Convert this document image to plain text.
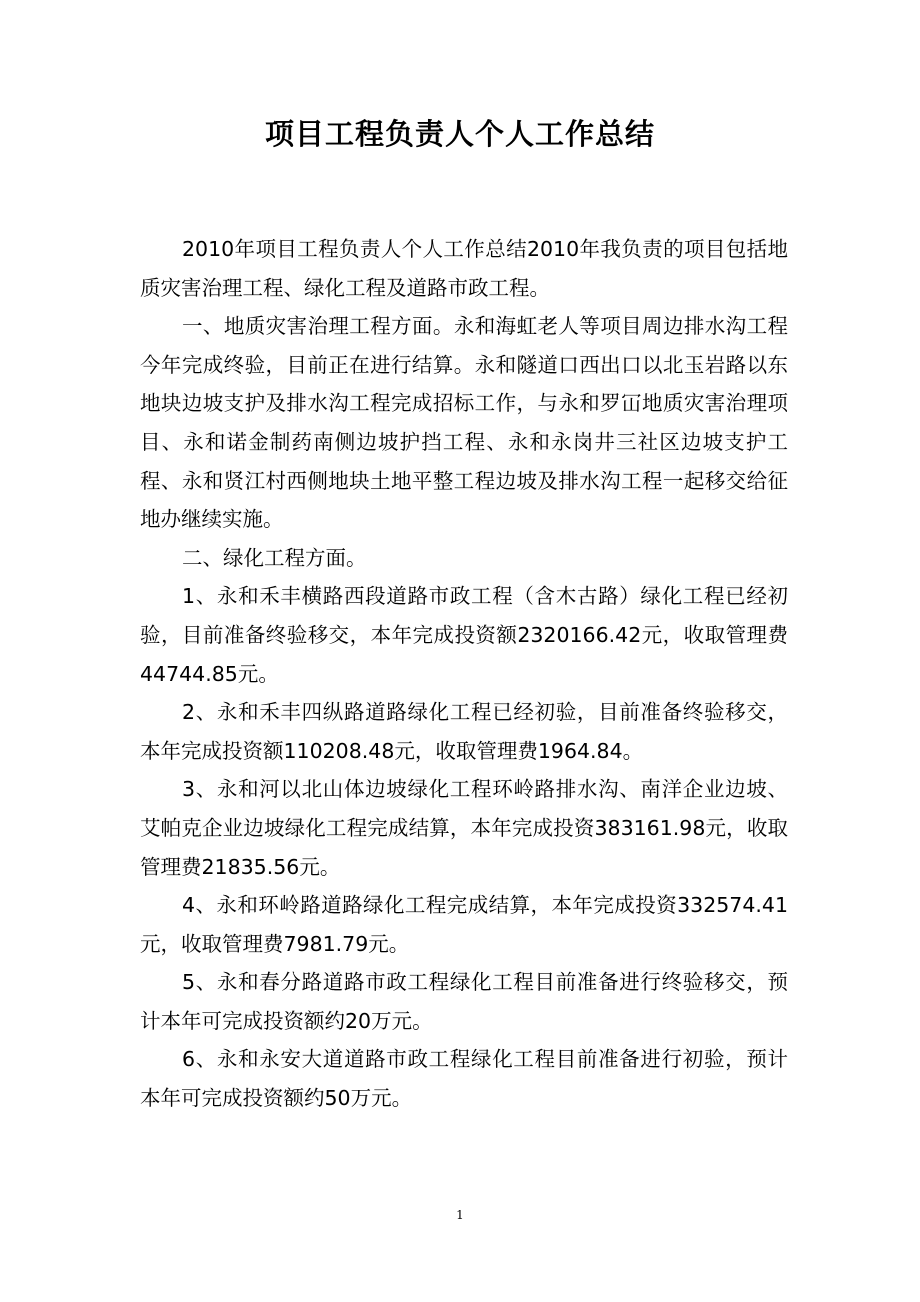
项目工程负责人个人工作总结

2010年项目工程负责人个人工作总结2010年我负责的项目包括地质灾害治理工程、绿化工程及道路市政工程。

一、地质灾害治理工程方面。永和海虹老人等项目周边排水沟工程今年完成终验，目前正在进行结算。永和隧道口西出口以北玉岩路以东地块边坡支护及排水沟工程完成招标工作，与永和罗冚地质灾害治理项目、永和诺金制药南侧边坡护挡工程、永和永岗井三社区边坡支护工程、永和贤江村西侧地块土地平整工程边坡及排水沟工程一起移交给征地办继续实施。

二、绿化工程方面。

1、永和禾丰横路西段道路市政工程（含木古路）绿化工程已经初验，目前准备终验移交，本年完成投资额2320166.42元，收取管理费44744.85元。

2、永和禾丰四纵路道路绿化工程已经初验，目前准备终验移交，本年完成投资额110208.48元，收取管理费1964.84。

3、永和河以北山体边坡绿化工程环岭路排水沟、南洋企业边坡、艾帕克企业边坡绿化工程完成结算，本年完成投资383161.98元，收取管理费21835.56元。

4、永和环岭路道路绿化工程完成结算，本年完成投资332574.41元，收取管理费7981.79元。

5、永和春分路道路市政工程绿化工程目前准备进行终验移交，预计本年可完成投资额约20万元。

6、永和永安大道道路市政工程绿化工程目前准备进行初验，预计本年可完成投资额约50万元。

1
